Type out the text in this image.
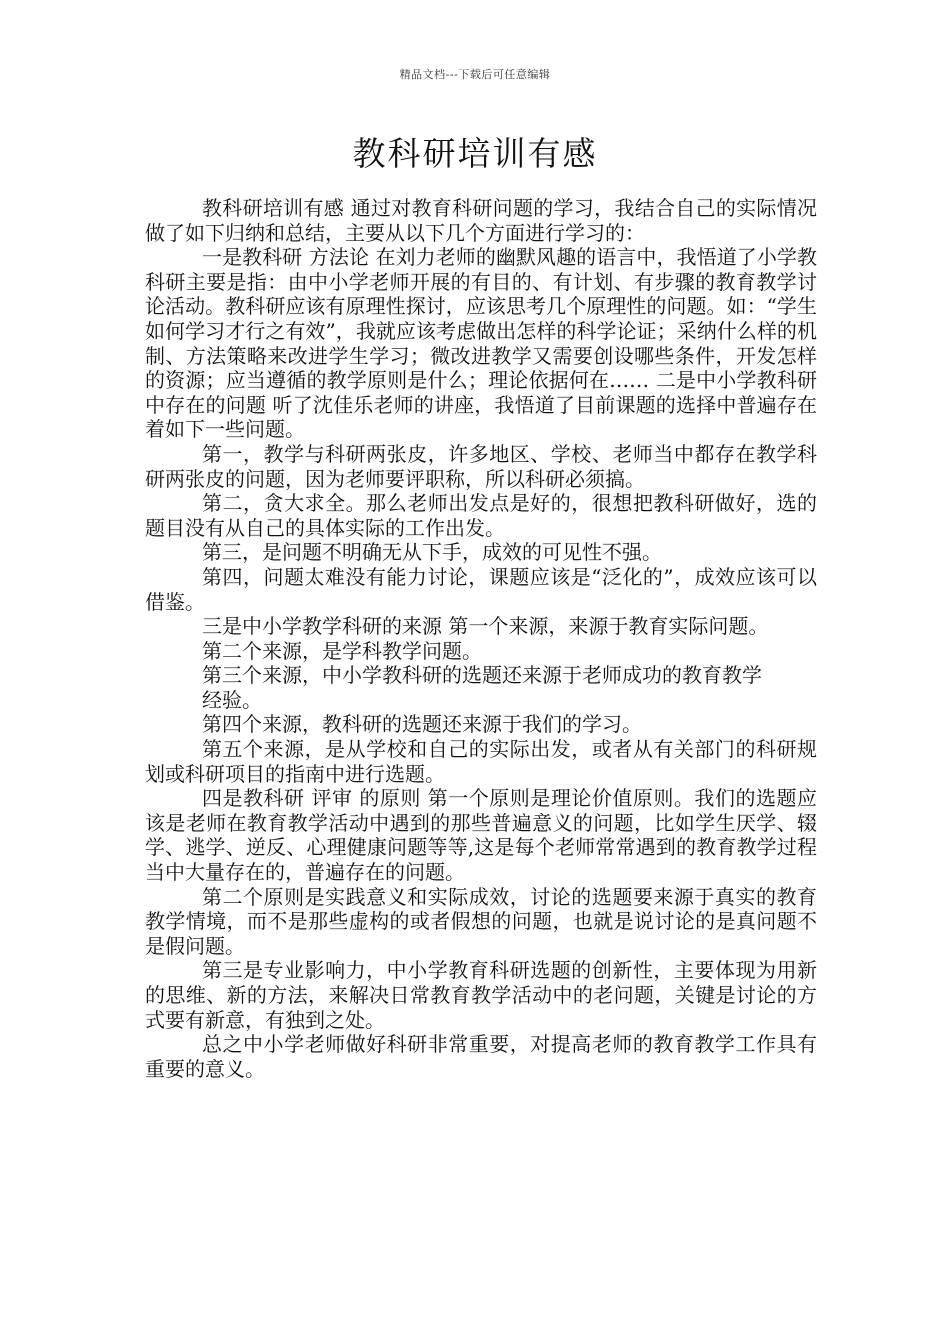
精品文档---下载后可任意编辑
教科研培训有感

教科研培训有感 通过对教育科研问题的学习，我结合自己的实际情况做了如下归纳和总结，主要从以下几个方面进行学习的：

一是教科研 方法论 在刘力老师的幽默风趣的语言中，我悟道了小学教科研主要是指：由中小学老师开展的有目的、有计划、有步骤的教育教学讨论活动。教科研应该有原理性探讨，应该思考几个原理性的问题。如：“学生如何学习才行之有效”，我就应该考虑做出怎样的科学论证；采纳什么样的机制、方法策略来改进学生学习；微改进教学又需要创设哪些条件，开发怎样的资源；应当遵循的教学原则是什么；理论依据何在…… 二是中小学教科研中存在的问题 听了沈佳乐老师的讲座，我悟道了目前课题的选择中普遍存在着如下一些问题。

第一，教学与科研两张皮，许多地区、学校、老师当中都存在教学科研两张皮的问题，因为老师要评职称，所以科研必须搞。

第二，贪大求全。那么老师出发点是好的，很想把教科研做好，选的题目没有从自己的具体实际的工作出发。

第三，是问题不明确无从下手，成效的可见性不强。

第四，问题太难没有能力讨论，课题应该是“泛化的”，成效应该可以借鉴。

三是中小学教学科研的来源 第一个来源，来源于教育实际问题。

第二个来源，是学科教学问题。

第三个来源，中小学教科研的选题还来源于老师成功的教育教学

经验。

第四个来源，教科研的选题还来源于我们的学习。

第五个来源，是从学校和自己的实际出发，或者从有关部门的科研规划或科研项目的指南中进行选题。

四是教科研 评审 的原则 第一个原则是理论价值原则。我们的选题应该是老师在教育教学活动中遇到的那些普遍意义的问题，比如学生厌学、辍学、逃学、逆反、心理健康问题等等,这是每个老师常常遇到的教育教学过程当中大量存在的，普遍存在的问题。

第二个原则是实践意义和实际成效，讨论的选题要来源于真实的教育教学情境，而不是那些虚构的或者假想的问题，也就是说讨论的是真问题不是假问题。

第三是专业影响力，中小学教育科研选题的创新性，主要体现为用新的思维、新的方法，来解决日常教育教学活动中的老问题，关键是讨论的方式要有新意，有独到之处。

总之中小学老师做好科研非常重要，对提高老师的教育教学工作具有重要的意义。
